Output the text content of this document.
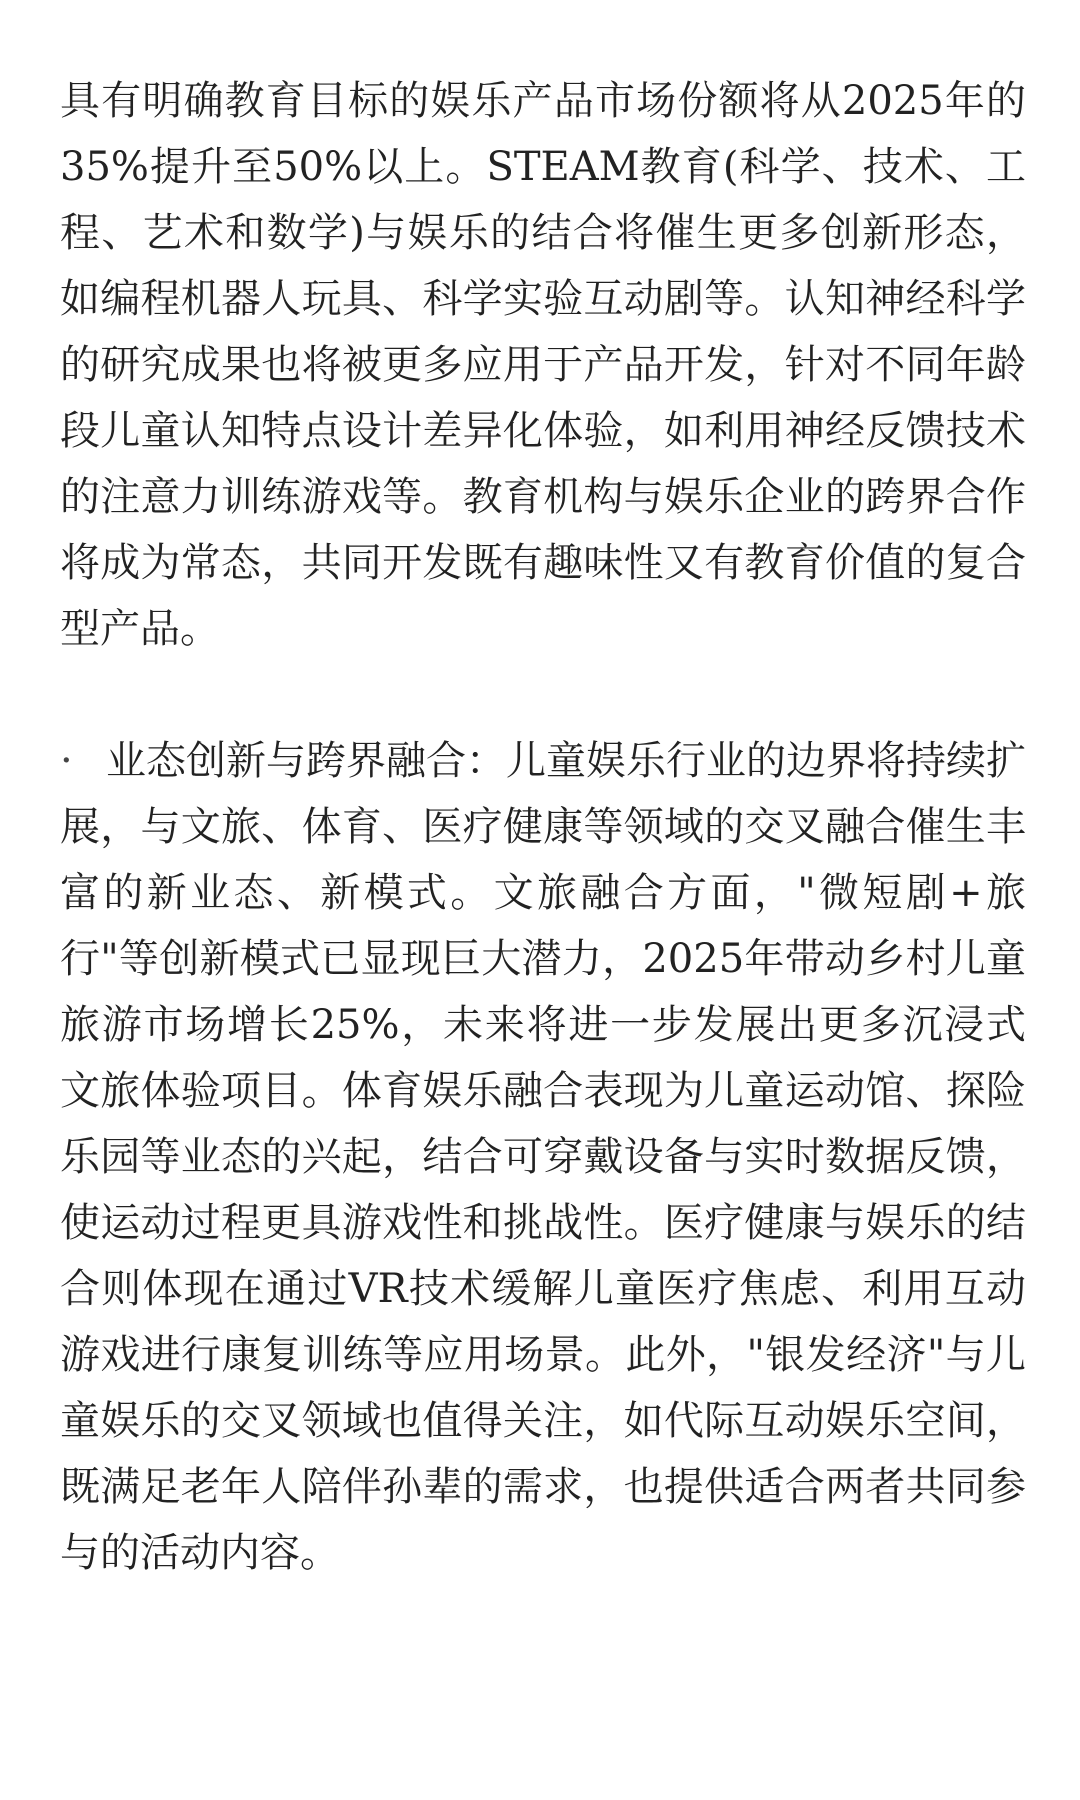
具有明确教育目标的娱乐产品市场份额将从2025年的35%提升至50%以上。STEAM教育(科学、技术、工程、艺术和数学)与娱乐的结合将催生更多创新形态，如编程机器人玩具、科学实验互动剧等。认知神经科学的研究成果也将被更多应用于产品开发，针对不同年龄段儿童认知特点设计差异化体验，如利用神经反馈技术的注意力训练游戏等。教育机构与娱乐企业的跨界合作将成为常态，共同开发既有趣味性又有教育价值的复合型产品。

· 业态创新与跨界融合：儿童娱乐行业的边界将持续扩展，与文旅、体育、医疗健康等领域的交叉融合催生丰富的新业态、新模式。文旅融合方面，"微短剧+旅行"等创新模式已显现巨大潜力，2025年带动乡村儿童旅游市场增长25%，未来将进一步发展出更多沉浸式文旅体验项目。体育娱乐融合表现为儿童运动馆、探险乐园等业态的兴起，结合可穿戴设备与实时数据反馈，使运动过程更具游戏性和挑战性。医疗健康与娱乐的结合则体现在通过VR技术缓解儿童医疗焦虑、利用互动游戏进行康复训练等应用场景。此外，"银发经济"与儿童娱乐的交叉领域也值得关注，如代际互动娱乐空间，既满足老年人陪伴孙辈的需求，也提供适合两者共同参与的活动内容。
